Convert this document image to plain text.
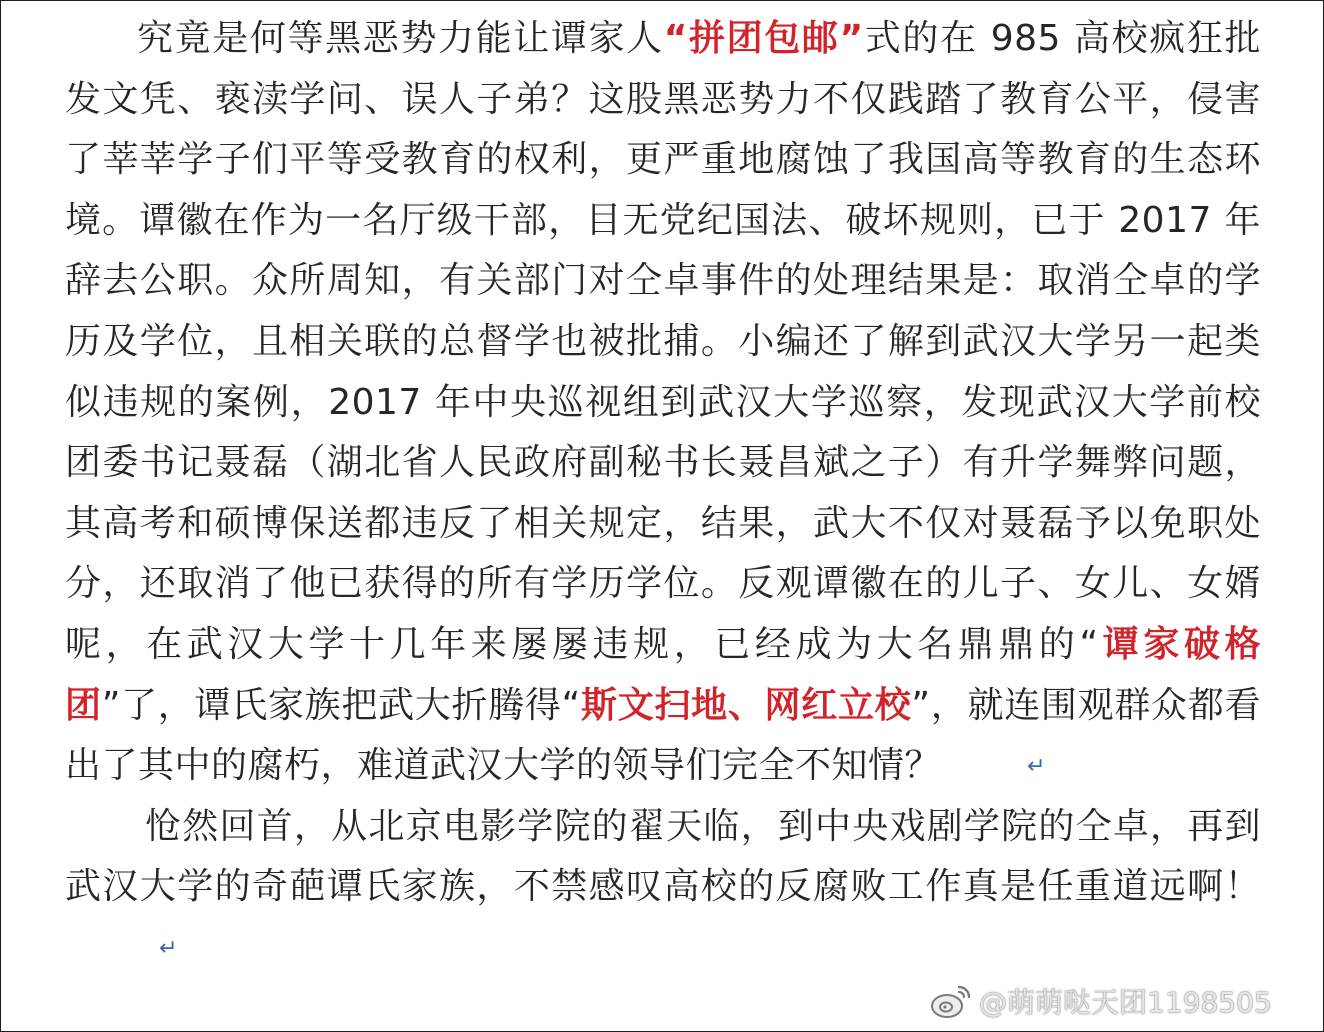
究竟是何等黑恶势力能让谭家人“拼团包邮”式的在 985 高校疯狂批发文凭、亵渎学问、误人子弟？这股黑恶势力不仅践踏了教育公平，侵害了莘莘学子们平等受教育的权利，更严重地腐蚀了我国高等教育的生态环境。谭徽在作为一名厅级干部，目无党纪国法、破坏规则，已于 2017 年辞去公职。众所周知，有关部门对仝卓事件的处理结果是：取消仝卓的学历及学位，且相关联的总督学也被批捕。小编还了解到武汉大学另一起类似违规的案例，2017 年中央巡视组到武汉大学巡察，发现武汉大学前校团委书记聂磊（湖北省人民政府副秘书长聂昌斌之子）有升学舞弊问题，其高考和硕博保送都违反了相关规定，结果，武大不仅对聂磊予以免职处分，还取消了他已获得的所有学历学位。反观谭徽在的儿子、女儿、女婿呢，在武汉大学十几年来屡屡违规，已经成为大名鼎鼎的“谭家破格团”了，谭氏家族把武大折腾得“斯文扫地、网红立校”，就连围观群众都看出了其中的腐朽，难道武汉大学的领导们完全不知情？	↵

怆然回首，从北京电影学院的翟天临，到中央戏剧学院的仝卓，再到武汉大学的奇葩谭氏家族，不禁感叹高校的反腐败工作真是任重道远啊！↵

@萌萌哒天团1198505
